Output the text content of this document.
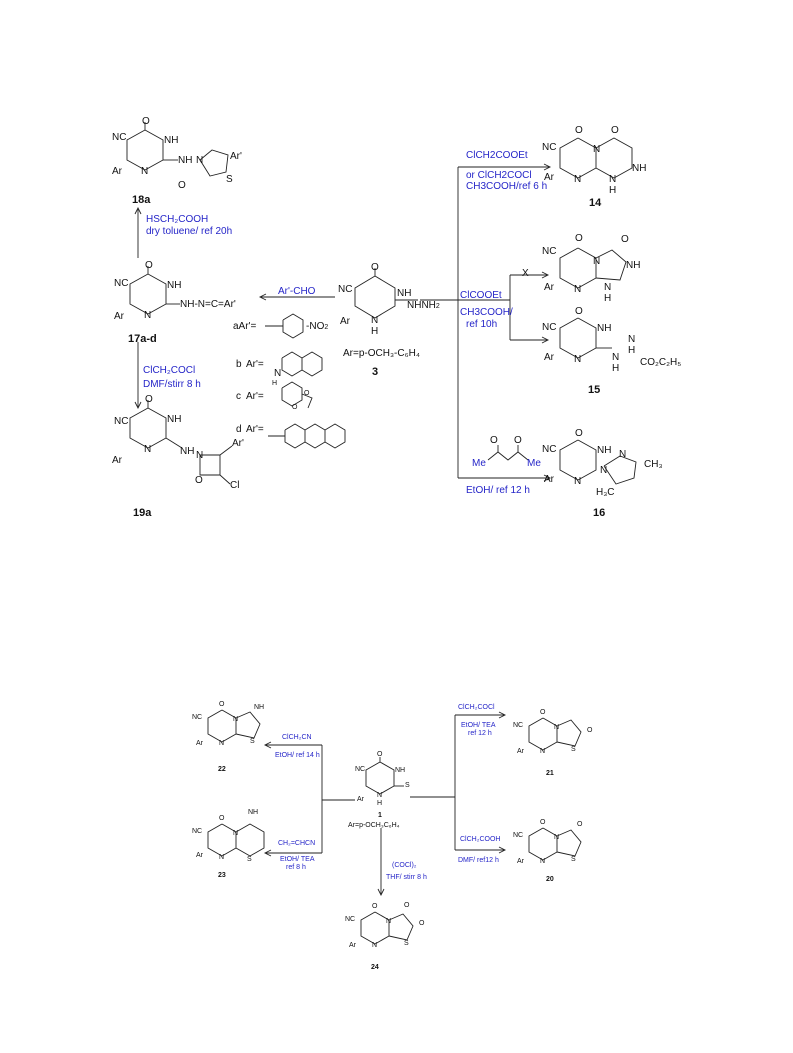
O
NC	NH
N
H
Ar
NHNH2
Ar=p-OCH₃-C₆H₄
3
O
NC	NH
N
Ar
NH N	Ar'
O
S
18a
HSCH₂COOH
dry toluene/ ref 20h
Ar'-CHO
O
NC	NH
N
Ar
NH-N=C=Ar'
17a-d
aAr'=	-NO2
b Ar'=
N
H
c Ar'=	O
O
d Ar'=
ClCH₂COCl
DMF/stirr 8 h
O
NC	NH
N
Ar
NH N
Ar'
O	Cl
19a
ClCH2COOEt
or ClCH2COCl
CH3COOH/ref 6 h
NC
O	O
N
N
NH
N
H
Ar
14
X
NC
O	O
N
N
NH
N
H
Ar
ClCOOEt
CH3COOH/
ref 10h
O
NC	NH
N
Ar	N
H
N
H
CO₂C₂H₅
15
O O
Me	Me
EtOH/ ref 12 h
O
NC	NH
N
Ar
N
N
CH₃
H₃C
16
O
NC	NH
N
H
Ar
S
1
Ar=p-OCH₃C₆H₄
ClCH₂CN
EtOH/ ref 14 h
NC
O	NH
N
N	S
Ar
22
CH₂=CHCN
EtOH/ TEA
ref 8 h
NC
O
NH
N
N	S
Ar
23
ClCH₂COCl
EtOH/ TEA
ref 12 h
NC
O
O
N
N	S
Ar
21
ClCH₂COOH
DMF/ ref12 h
NC
O	O
N
N	S
Ar
20
(COCl)₂
THF/ stirr 8 h
NC
O	O
O
N
N	S
Ar
24
